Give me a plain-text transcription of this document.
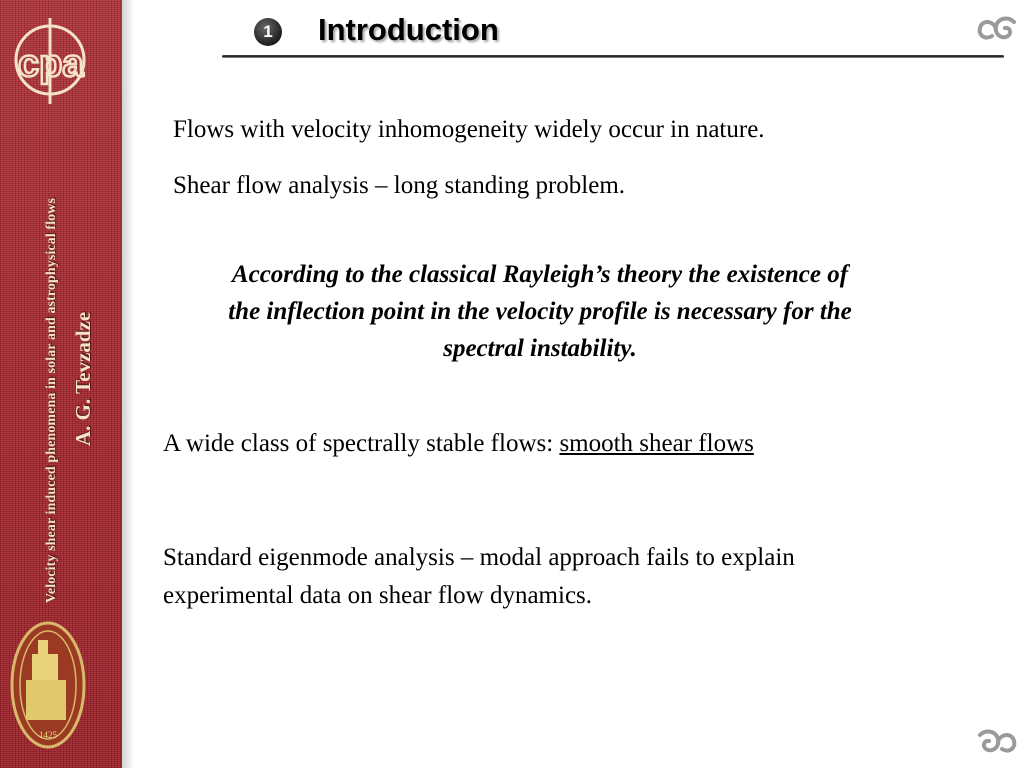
cpa
Velocity shear induced phenomena in solar and astrophysical flows A. G. Tevzadze
1425
1 Introduction

Flows with velocity inhomogeneity widely occur in nature.

Shear flow analysis – long standing problem.

According to the classical Rayleigh’s theory the existence of the inflection point in the velocity profile is necessary for the spectral instability.

A wide class of spectrally stable flows: smooth shear flows

Standard eigenmode analysis – modal approach fails to explain experimental data on shear flow dynamics.
